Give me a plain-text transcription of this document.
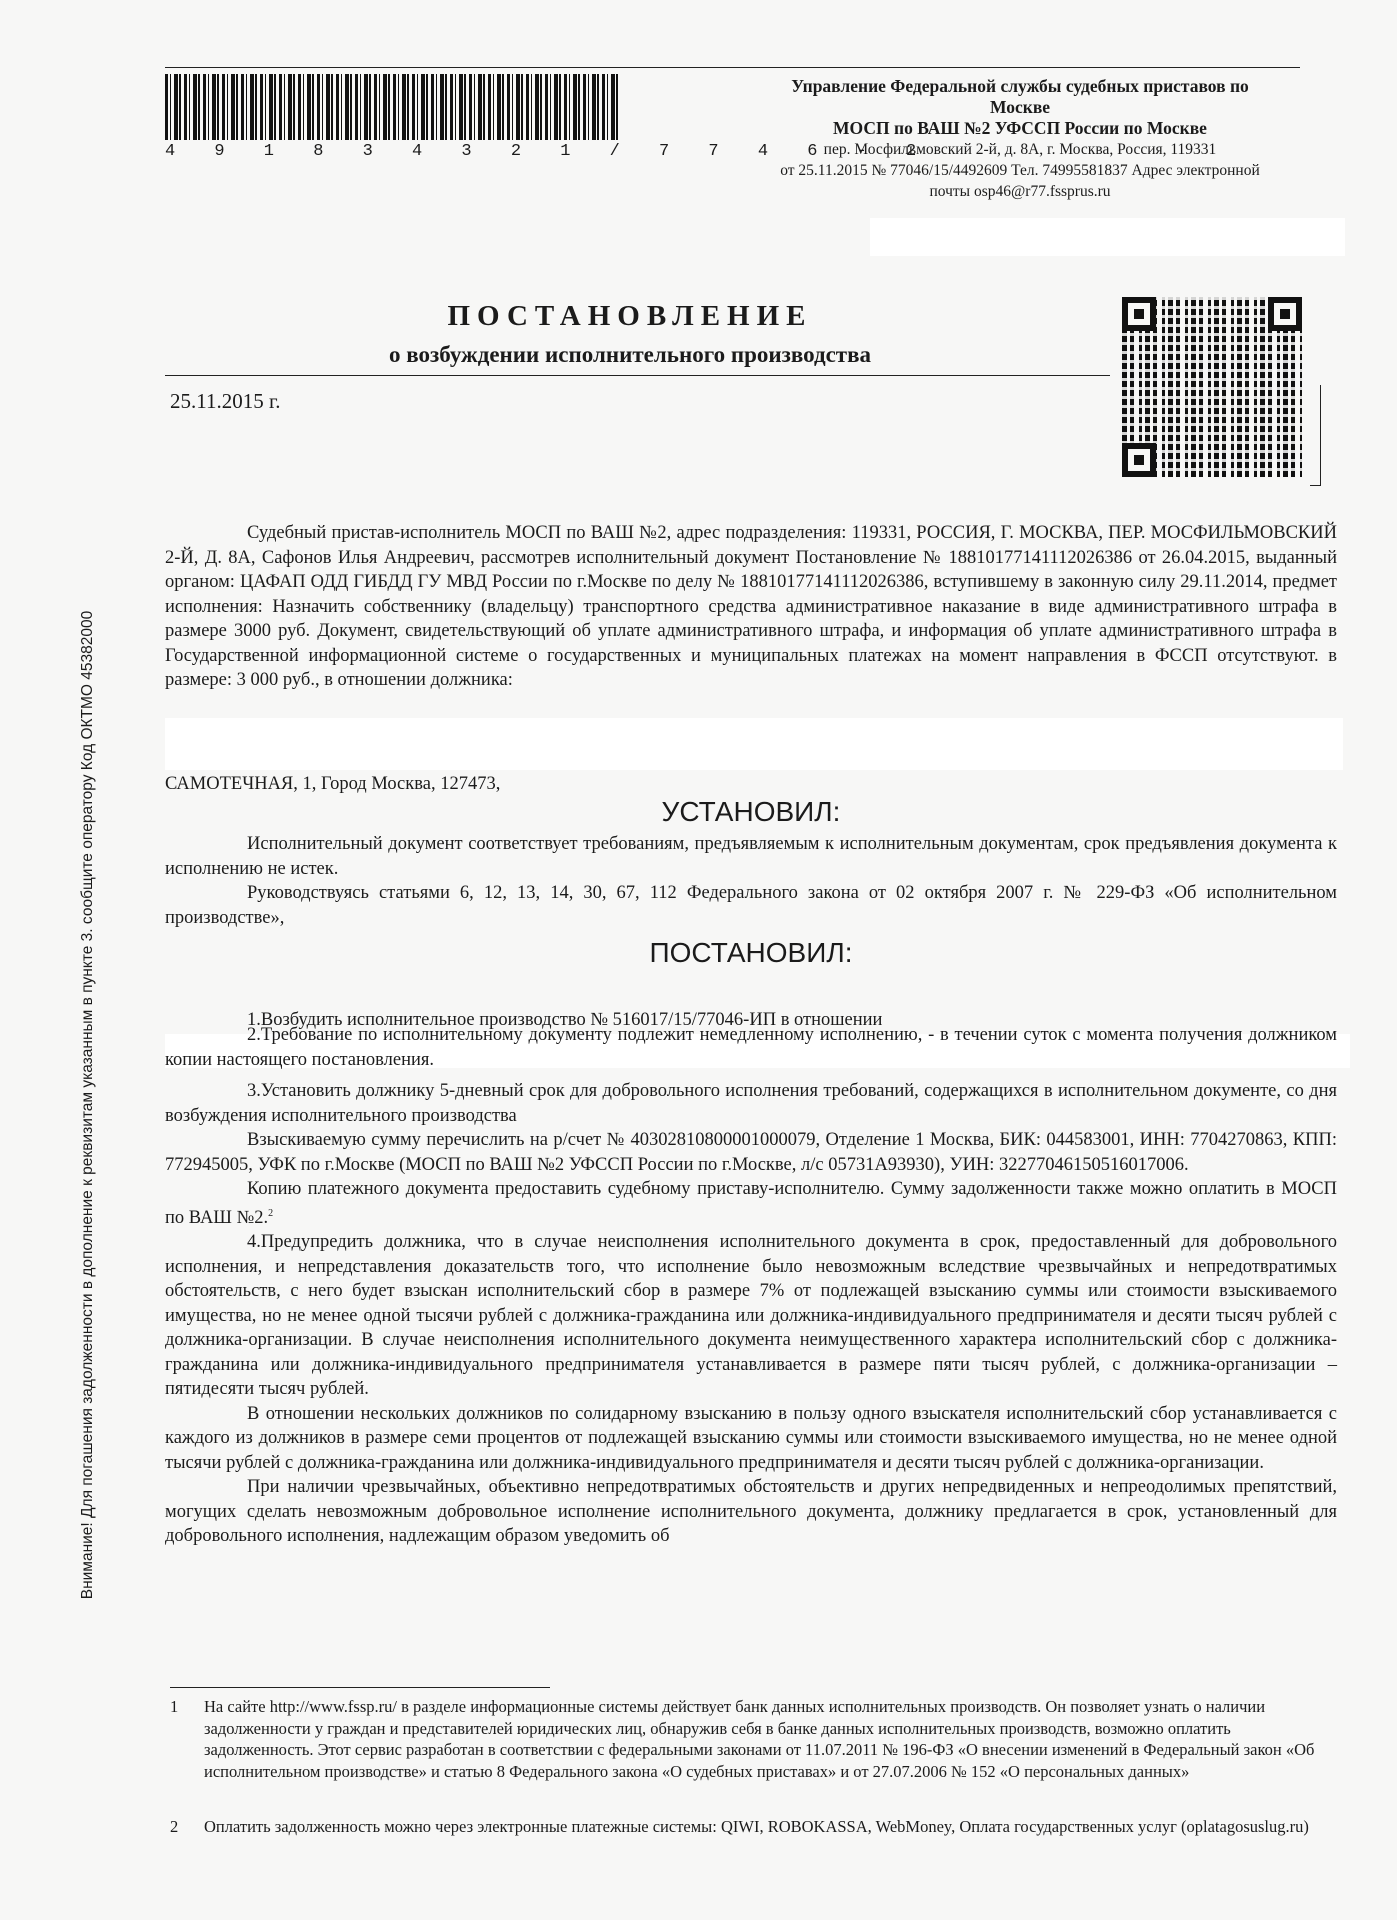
Внимание! Для погашения задолженности в дополнение к реквизитам указанным в пункте 3. сообщите оператору Код ОКТМО 45382000
4 9 1 8 3 4 3 2 1 / 7 7 4 6 - 2
Управление Федеральной службы судебных приставов по
Москве
МОСП по ВАШ №2 УФССП России по Москве
пер. Мосфильмовский 2-й, д. 8А, г. Москва, Россия, 119331
от 25.11.2015 № 77046/15/4492609 Тел. 74995581837 Адрес электронной
почты osp46@r77.fssprus.ru
ПОСТАНОВЛЕНИЕ
о возбуждении исполнительного производства
25.11.2015 г.

Судебный пристав-исполнитель МОСП по ВАШ №2, адрес подразделения: 119331, РОССИЯ, Г. МОСКВА, ПЕР. МОСФИЛЬМОВСКИЙ 2-Й, Д. 8А, Сафонов Илья Андреевич, рассмотрев исполнительный документ Постановление № 18810177141112026386 от 26.04.2015, выданный органом: ЦАФАП ОДД ГИБДД ГУ МВД России по г.Москве по делу № 18810177141112026386, вступившему в законную силу 29.11.2014, предмет исполнения: Назначить собственнику (владельцу) транспортного средства административное наказание в виде административного штрафа в размере 3000 руб. Документ, свидетельствующий об уплате административного штрафа, и информация об уплате административного штрафа в Государственной информационной системе о государственных и муниципальных платежах на момент направления в ФССП отсутствуют. в размере: 3 000 руб., в отношении должника:

САМОТЕЧНАЯ, 1, Город Москва, 127473,

УСТАНОВИЛ:

Исполнительный документ соответствует требованиям, предъявляемым к исполнительным документам, срок предъявления документа к исполнению не истек.

Руководствуясь статьями 6, 12, 13, 14, 30, 67, 112 Федерального закона от 02 октября 2007 г. № 229-ФЗ «Об исполнительном производстве»,

ПОСТАНОВИЛ:

1.Возбудить исполнительное производство № 516017/15/77046-ИП в отношении

2.Требование по исполнительному документу подлежит немедленному исполнению, - в течении суток с момента получения должником копии настоящего постановления.

3.Установить должнику 5-дневный срок для добровольного исполнения требований, содержащихся в исполнительном документе, со дня возбуждения исполнительного производства

Взыскиваемую сумму перечислить на р/счет № 40302810800001000079, Отделение 1 Москва, БИК: 044583001, ИНН: 7704270863, КПП: 772945005, УФК по г.Москве (МОСП по ВАШ №2 УФССП России по г.Москве, л/с 05731А93930), УИН: 32277046150516017006.

Копию платежного документа предоставить судебному приставу-исполнителю. Сумму задолженности также можно оплатить в МОСП по ВАШ №2.$^2$

4.Предупредить должника, что в случае неисполнения исполнительного документа в срок, предоставленный для добровольного исполнения, и непредставления доказательств того, что исполнение было невозможным вследствие чрезвычайных и непредотвратимых обстоятельств, с него будет взыскан исполнительский сбор в размере 7% от подлежащей взысканию суммы или стоимости взыскиваемого имущества, но не менее одной тысячи рублей с должника-гражданина или должника-индивидуального предпринимателя и десяти тысяч рублей с должника-организации. В случае неисполнения исполнительного документа неимущественного характера исполнительский сбор с должника-гражданина или должника-индивидуального предпринимателя устанавливается в размере пяти тысяч рублей, с должника-организации – пятидесяти тысяч рублей.

В отношении нескольких должников по солидарному взысканию в пользу одного взыскателя исполнительский сбор устанавливается с каждого из должников в размере семи процентов от подлежащей взысканию суммы или стоимости взыскиваемого имущества, но не менее одной тысячи рублей с должника-гражданина или должника-индивидуального предпринимателя и десяти тысяч рублей с должника-организации.

При наличии чрезвычайных, объективно непредотвратимых обстоятельств и других непредвиденных и непреодолимых препятствий, могущих сделать невозможным добровольное исполнение исполнительного документа, должнику предлагается в срок, установленный для добровольного исполнения, надлежащим образом уведомить об

1	На сайте http://www.fssp.ru/ в разделе информационные системы действует банк данных исполнительных производств. Он позволяет узнать о наличии задолженности у граждан и представителей юридических лиц, обнаружив себя в банке данных исполнительных производств, возможно оплатить задолженность. Этот сервис разработан в соответствии с федеральными законами от 11.07.2011 № 196-ФЗ «О внесении изменений в Федеральный закон «Об исполнительном производстве» и статью 8 Федерального закона «О судебных приставах» и от 27.07.2006 № 152 «О персональных данных»
2	Оплатить задолженность можно через электронные платежные системы: QIWI, ROBOKASSA, WebMoney, Оплата государственных услуг (oplatagosuslug.ru)
